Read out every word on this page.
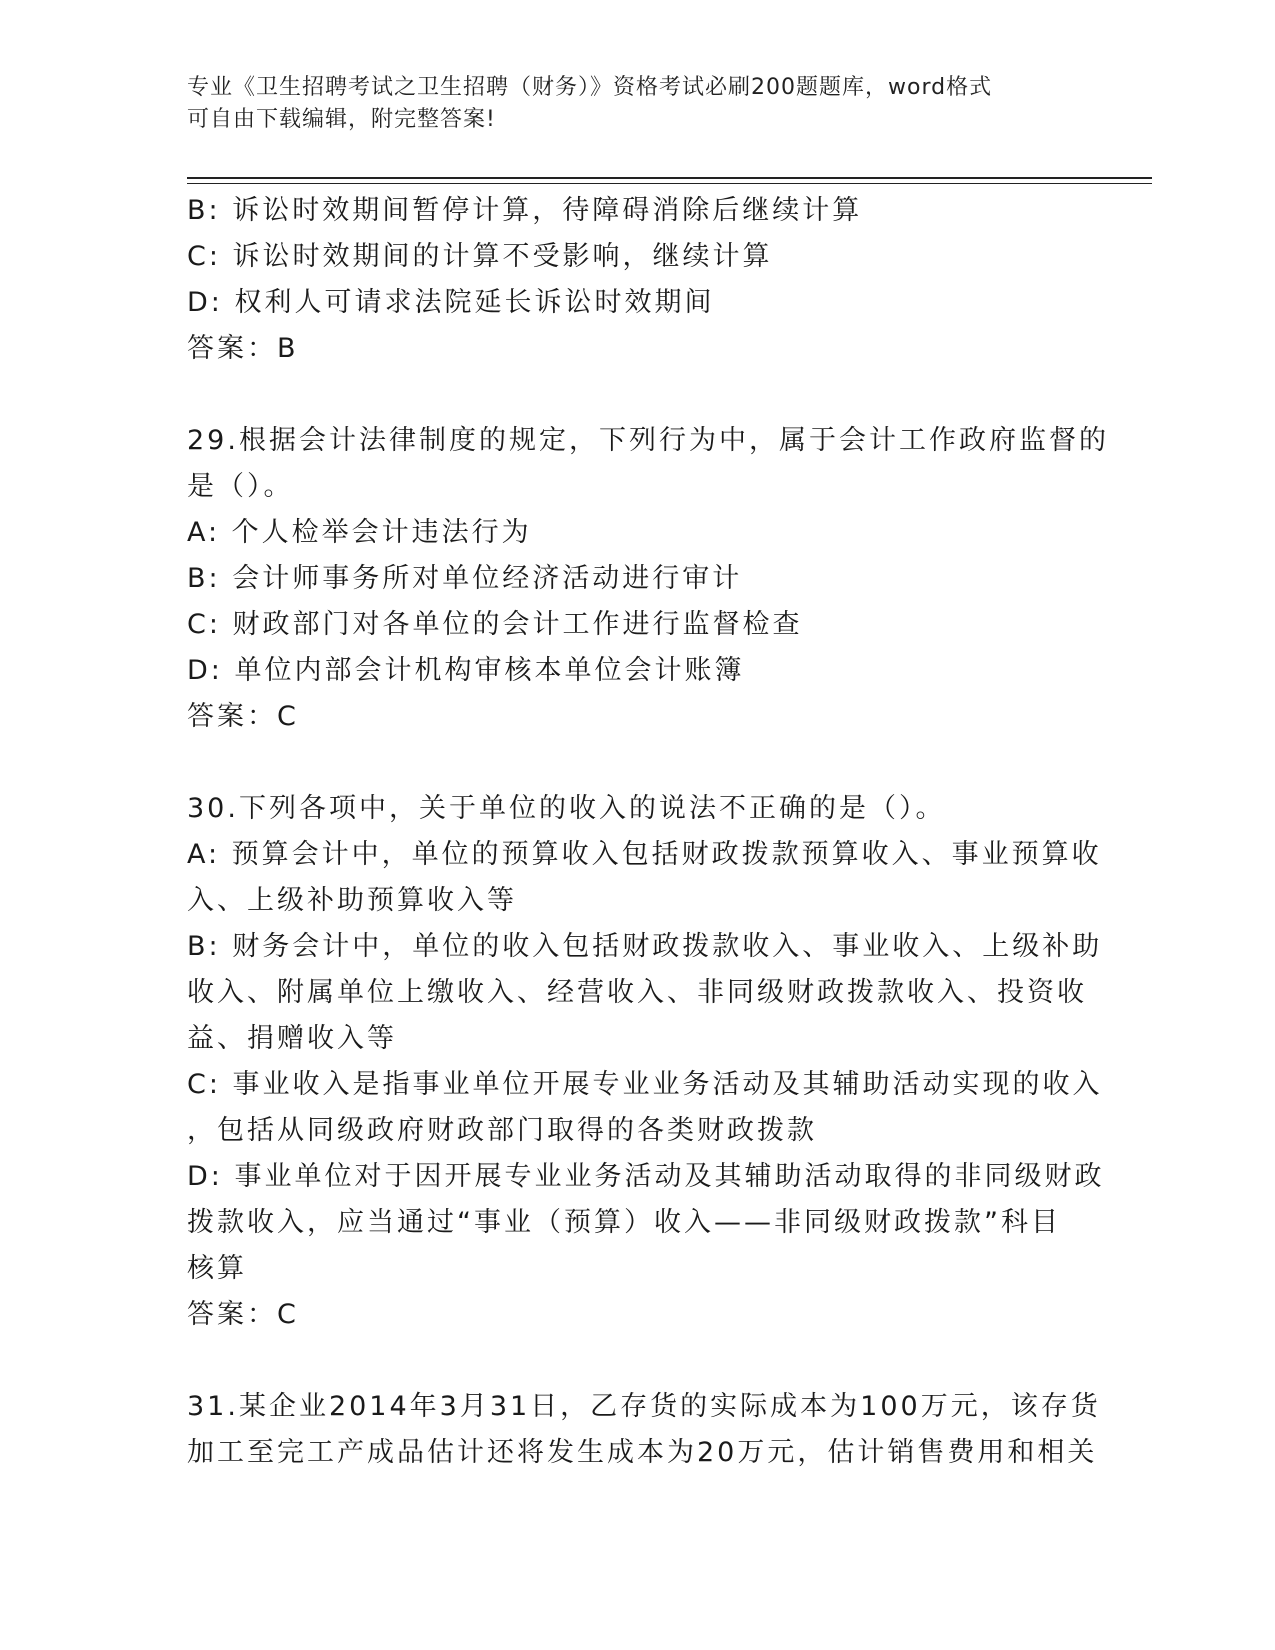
专业《卫生招聘考试之卫生招聘（财务）》资格考试必刷200题题库，word格式
可自由下载编辑，附完整答案!
B: 诉讼时效期间暂停计算，待障碍消除后继续计算
C: 诉讼时效期间的计算不受影响，继续计算
D: 权利人可请求法院延长诉讼时效期间
答案：B
29.根据会计法律制度的规定，下列行为中，属于会计工作政府监督的
是（）。
A: 个人检举会计违法行为
B: 会计师事务所对单位经济活动进行审计
C: 财政部门对各单位的会计工作进行监督检查
D: 单位内部会计机构审核本单位会计账簿
答案：C
30.下列各项中，关于单位的收入的说法不正确的是（）。
A: 预算会计中，单位的预算收入包括财政拨款预算收入、事业预算收
入、上级补助预算收入等
B: 财务会计中，单位的收入包括财政拨款收入、事业收入、上级补助
收入、附属单位上缴收入、经营收入、非同级财政拨款收入、投资收
益、捐赠收入等
C: 事业收入是指事业单位开展专业业务活动及其辅助活动实现的收入
，包括从同级政府财政部门取得的各类财政拨款
D: 事业单位对于因开展专业业务活动及其辅助活动取得的非同级财政
拨款收入，应当通过“事业（预算）收入——非同级财政拨款”科目
核算
答案：C
31.某企业2014年3月31日，乙存货的实际成本为100万元，该存货
加工至完工产成品估计还将发生成本为20万元，估计销售费用和相关
